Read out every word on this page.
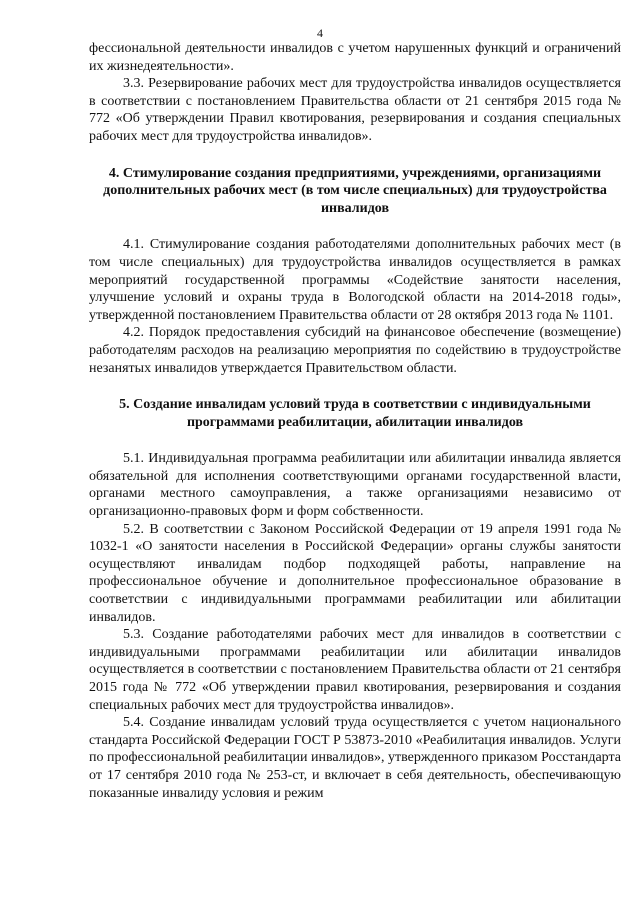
4

фессиональной деятельности инвалидов с учетом нарушенных функций и ограничений их жизнедеятельности».

3.3. Резервирование рабочих мест для трудоустройства инвалидов осуществляется в соответствии с постановлением Правительства области от 21 сентября 2015 года № 772 «Об утверждении Правил квотирования, резервирования и создания специальных рабочих мест для трудоустройства инвалидов».

4. Стимулирование создания предприятиями, учреждениями, организациями дополнительных рабочих мест (в том числе специальных) для трудоустройства инвалидов

4.1. Стимулирование создания работодателями дополнительных рабочих мест (в том числе специальных) для трудоустройства инвалидов осуществляется в рамках мероприятий государственной программы «Содействие занятости населения, улучшение условий и охраны труда в Вологодской области на 2014-2018 годы», утвержденной постановлением Правительства области от 28 октября 2013 года № 1101.

4.2. Порядок предоставления субсидий на финансовое обеспечение (возмещение) работодателям расходов на реализацию мероприятия по содействию в трудоустройстве незанятых инвалидов утверждается Правительством области.

5. Создание инвалидам условий труда в соответствии с индивидуальными программами реабилитации, абилитации инвалидов

5.1. Индивидуальная программа реабилитации или абилитации инвалида является обязательной для исполнения соответствующими органами государственной власти, органами местного самоуправления, а также организациями независимо от организационно-правовых форм и форм собственности.

5.2. В соответствии с Законом Российской Федерации от 19 апреля 1991 года № 1032-1 «О занятости населения в Российской Федерации» органы службы занятости осуществляют инвалидам подбор подходящей работы, направление на профессиональное обучение и дополнительное профессиональное образование в соответствии с индивидуальными программами реабилитации или абилитации инвалидов.

5.3. Создание работодателями рабочих мест для инвалидов в соответствии с индивидуальными программами реабилитации или абилитации инвалидов осуществляется в соответствии с постановлением Правительства области от 21 сентября 2015 года № 772 «Об утверждении правил квотирования, резервирования и создания специальных рабочих мест для трудоустройства инвалидов».

5.4. Создание инвалидам условий труда осуществляется с учетом национального стандарта Российской Федерации ГОСТ Р 53873-2010 «Реабилитация инвалидов. Услуги по профессиональной реабилитации инвалидов», утвержденного приказом Росстандарта от 17 сентября 2010 года № 253-ст, и включает в себя деятельность, обеспечивающую показанные инвалиду условия и режим
